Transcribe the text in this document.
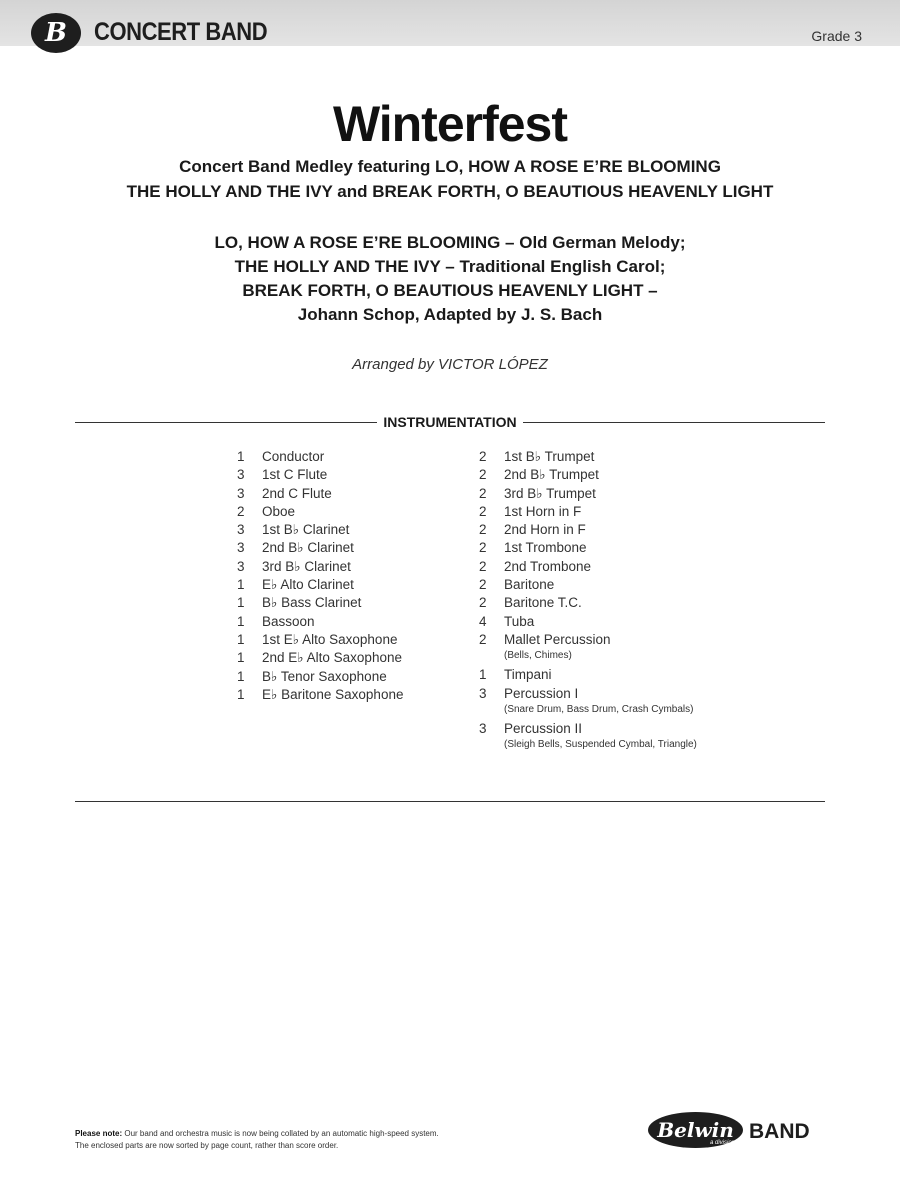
B	CONCERT BAND	Grade 3
Winterfest
Concert Band Medley featuring LO, HOW A ROSE E’RE BLOOMING
THE HOLLY AND THE IVY and BREAK FORTH, O BEAUTIOUS HEAVENLY LIGHT
LO, HOW A ROSE E’RE BLOOMING – Old German Melody;
THE HOLLY AND THE IVY – Traditional English Carol;
BREAK FORTH, O BEAUTIOUS HEAVENLY LIGHT –
Johann Schop, Adapted by J. S. Bach
Arranged by VICTOR LÓPEZ
INSTRUMENTATION
1 Conductor
3 1st C Flute
3 2nd C Flute
2 Oboe
3 1st B♭ Clarinet
3 2nd B♭ Clarinet
3 3rd B♭ Clarinet
1 E♭ Alto Clarinet
1 B♭ Bass Clarinet
1 Bassoon
1 1st E♭ Alto Saxophone
1 2nd E♭ Alto Saxophone
1 B♭ Tenor Saxophone
1 E♭ Baritone Saxophone
2 1st B♭ Trumpet
2 2nd B♭ Trumpet
2 3rd B♭ Trumpet
2 1st Horn in F
2 2nd Horn in F
2 1st Trombone
2 2nd Trombone
2 Baritone
2 Baritone T.C.
4 Tuba
2 Mallet Percussion
(Bells, Chimes)
1 Timpani
3 Percussion I
(Snare Drum, Bass Drum, Crash Cymbals)
3 Percussion II
(Sleigh Bells, Suspended Cymbal, Triangle)
Please note: Our band and orchestra music is now being collated by an automatic high-speed system.
The enclosed parts are now sorted by page count, rather than score order.
Belwin
a division of Alfred
BAND
